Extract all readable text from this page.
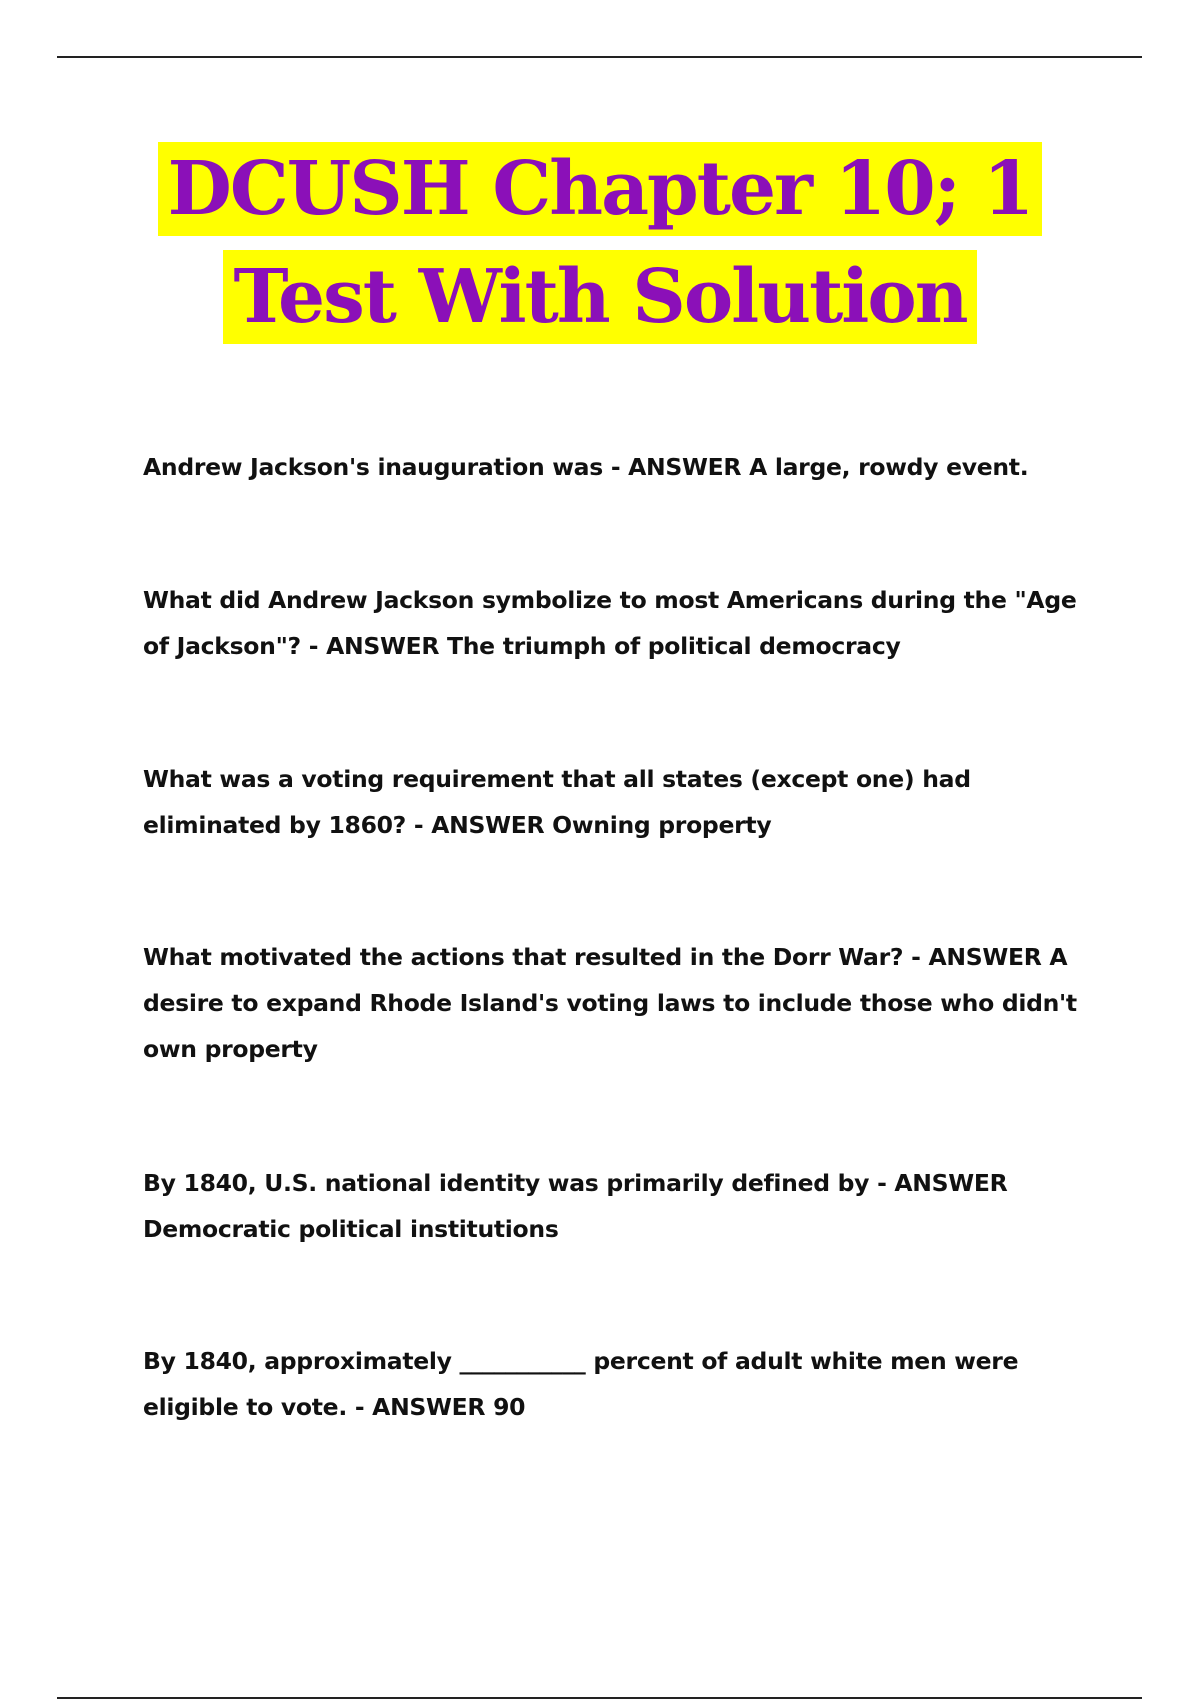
DCUSH Chapter 10; 1
Test With Solution
Andrew Jackson's inauguration was - ANSWER A large, rowdy event.
What did Andrew Jackson symbolize to most Americans during the "Age of Jackson"? - ANSWER The triumph of political democracy
What was a voting requirement that all states (except one) had eliminated by 1860? - ANSWER Owning property
What motivated the actions that resulted in the Dorr War? - ANSWER A desire to expand Rhode Island's voting laws to include those who didn't own property
By 1840, U.S. national identity was primarily defined by - ANSWER Democratic political institutions
By 1840, approximately ___________ percent of adult white men were eligible to vote. - ANSWER 90
